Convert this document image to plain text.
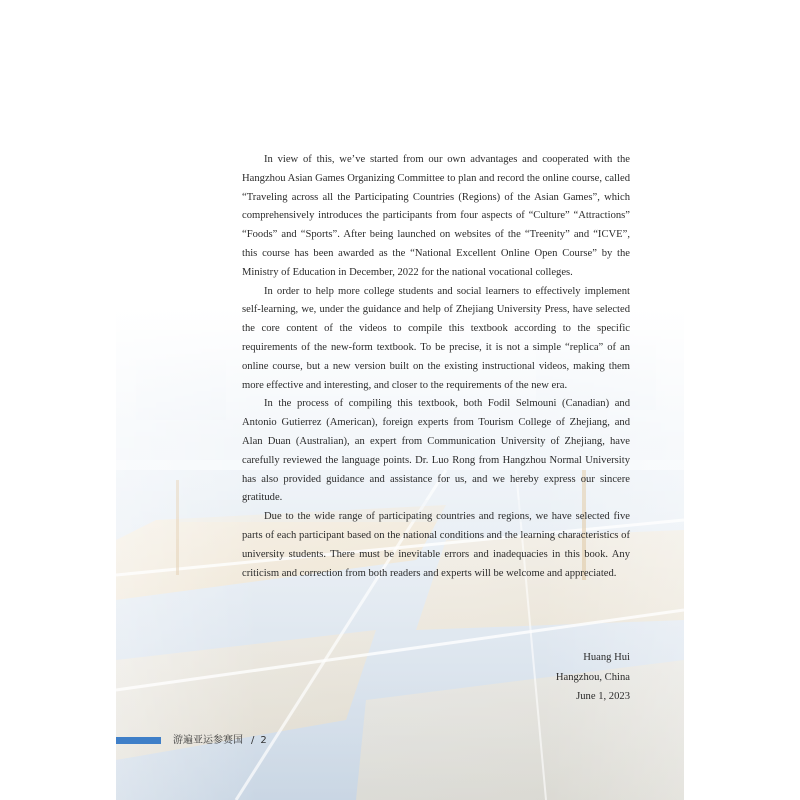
In view of this, we’ve started from our own advantages and cooperated with the Hangzhou Asian Games Organizing Committee to plan and record the online course, called “Traveling across all the Participating Countries (Regions) of the Asian Games”, which comprehensively introduces the participants from four aspects of “Culture” “Attractions” “Foods” and “Sports”. After being launched on websites of the “Treenity” and “ICVE”, this course has been awarded as the “National Excellent Online Open Course” by the Ministry of Education in December, 2022 for the national vocational colleges.

In order to help more college students and social learners to effectively implement self-learning, we, under the guidance and help of Zhejiang University Press, have selected the core content of the videos to compile this textbook according to the specific requirements of the new-form textbook. To be precise, it is not a simple “replica” of an online course, but a new version built on the existing instructional videos, making them more effective and interesting, and closer to the requirements of the new era.

In the process of compiling this textbook, both Fodil Selmouni (Canadian) and Antonio Gutierrez (American), foreign experts from Tourism College of Zhejiang, and Alan Duan (Australian), an expert from Communication University of Zhejiang, have carefully reviewed the language points. Dr. Luo Rong from Hangzhou Normal University has also provided guidance and assistance for us, and we hereby express our sincere gratitude.

Due to the wide range of participating countries and regions, we have selected five parts of each participant based on the national conditions and the learning characteristics of university students. There must be inevitable errors and inadequacies in this book. Any criticism and correction from both readers and experts will be welcome and appreciated.

Huang Hui
Hangzhou, China
June 1, 2023
游遍亚运参赛国 / 2
